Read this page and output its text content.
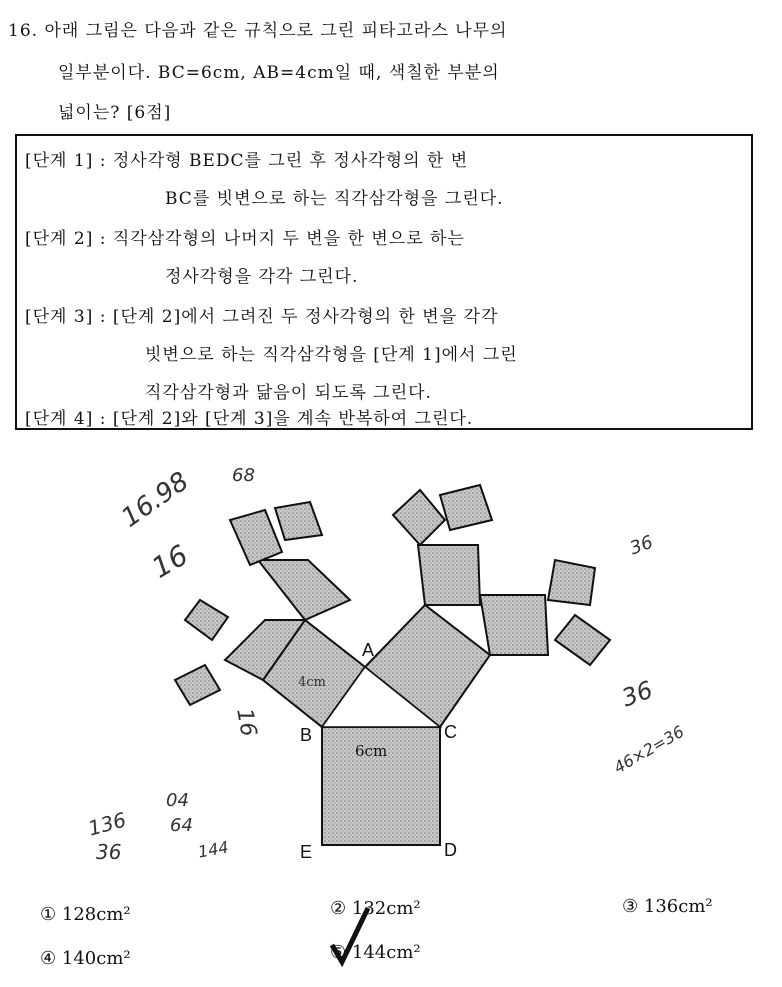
16. 아래 그림은 다음과 같은 규칙으로 그린 피타고라스 나무의
일부분이다. BC=6cm, AB=4cm일 때, 색칠한 부분의
넓이는? [6점]
[단계 1] : 정사각형 BEDC를 그린 후 정사각형의 한 변
BC를 빗변으로 하는 직각삼각형을 그린다.
[단계 2] : 직각삼각형의 나머지 두 변을 한 변으로 하는
정사각형을 각각 그린다.
[단계 3] : [단계 2]에서 그려진 두 정사각형의 한 변을 각각
빗변으로 하는 직각삼각형을 [단계 1]에서 그린
직각삼각형과 닮음이 되도록 그린다.
[단계 4] : [단계 2]와 [단계 3]을 계속 반복하여 그린다.
A
B	C
E	D
6cm
4cm
16.98 68
16	36
36
16
136
36
04
64
144
46×2=36
① 128cm²	② 132cm²	③ 136cm²
④ 140cm²	⑤ 144cm²
